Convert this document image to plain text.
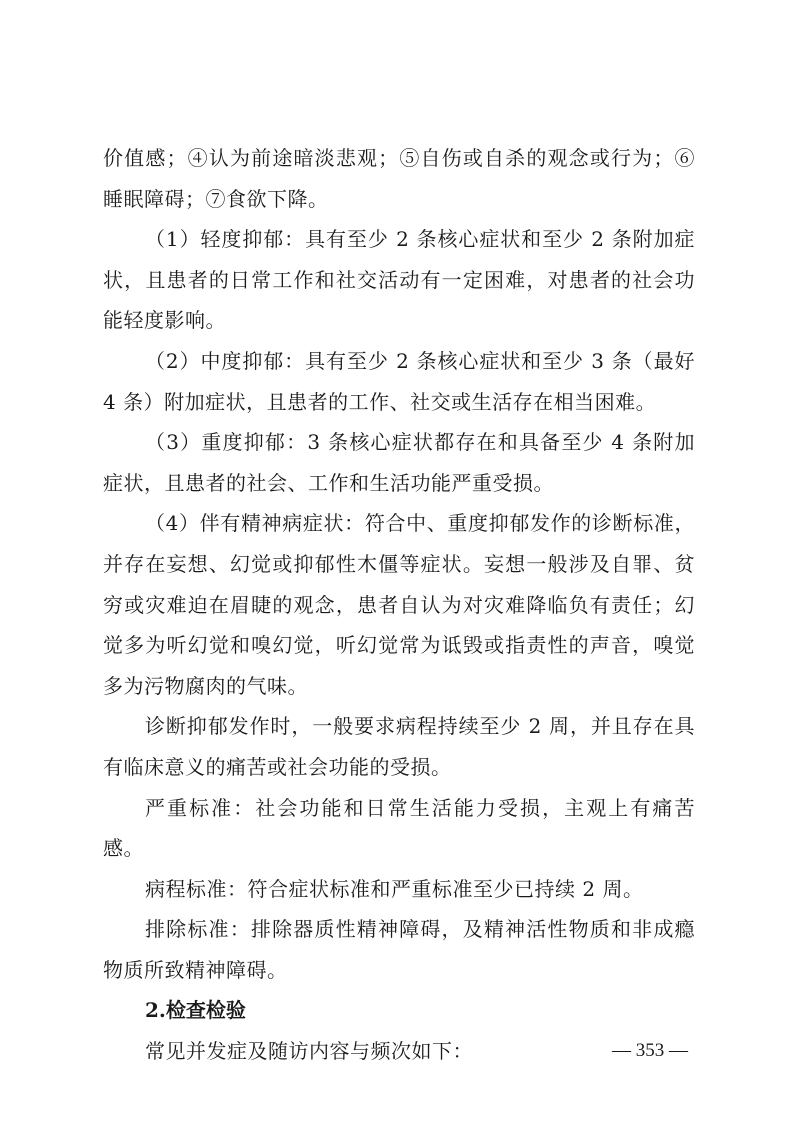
价值感；④认为前途暗淡悲观；⑤自伤或自杀的观念或行为；⑥睡眠障碍；⑦食欲下降。

（1）轻度抑郁：具有至少 2 条核心症状和至少 2 条附加症状，且患者的日常工作和社交活动有一定困难，对患者的社会功能轻度影响。

（2）中度抑郁：具有至少 2 条核心症状和至少 3 条（最好 4 条）附加症状，且患者的工作、社交或生活存在相当困难。

（3）重度抑郁：3 条核心症状都存在和具备至少 4 条附加症状，且患者的社会、工作和生活功能严重受损。

（4）伴有精神病症状：符合中、重度抑郁发作的诊断标准，并存在妄想、幻觉或抑郁性木僵等症状。妄想一般涉及自罪、贫穷或灾难迫在眉睫的观念，患者自认为对灾难降临负有责任；幻觉多为听幻觉和嗅幻觉，听幻觉常为诋毁或指责性的声音，嗅觉多为污物腐肉的气味。

诊断抑郁发作时，一般要求病程持续至少 2 周，并且存在具有临床意义的痛苦或社会功能的受损。

严重标准：社会功能和日常生活能力受损，主观上有痛苦感。

病程标准：符合症状标准和严重标准至少已持续 2 周。

排除标准：排除器质性精神障碍，及精神活性物质和非成瘾物质所致精神障碍。

2.检查检验

常见并发症及随访内容与频次如下：	— 353 —
